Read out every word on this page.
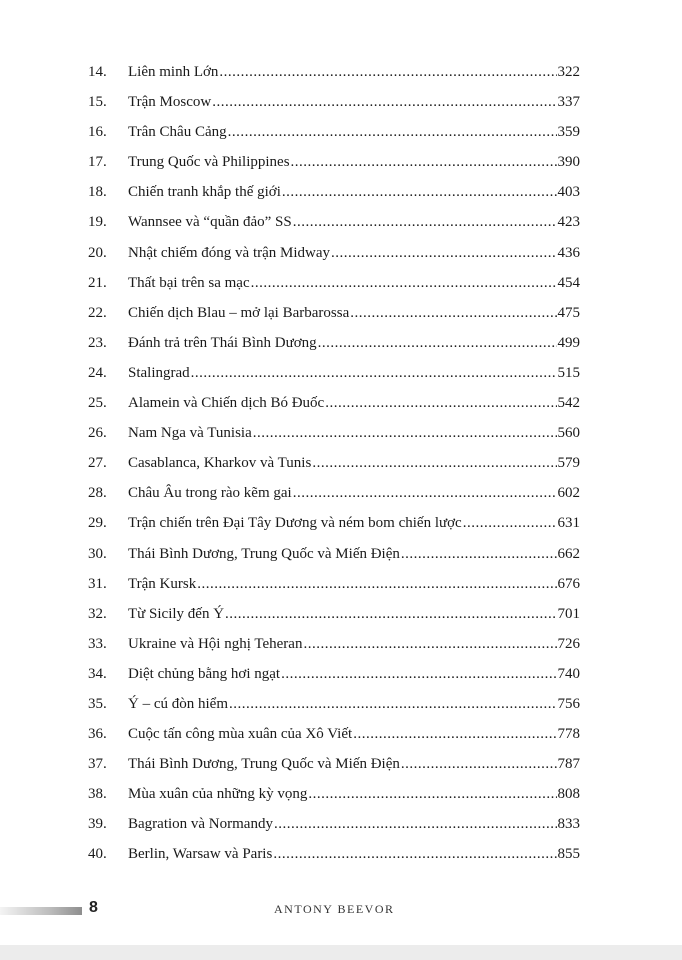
14.	Liên minh Lớn .....	322
15.	Trận Moscow .....	337
16.	Trân Châu Cảng .....	359
17.	Trung Quốc và Philippines .....	390
18.	Chiến tranh khắp thế giới .....	403
19.	Wannsee và “quần đảo” SS .....	423
20.	Nhật chiếm đóng và trận Midway .....	436
21.	Thất bại trên sa mạc .....	454
22.	Chiến dịch Blau – mở lại Barbarossa .....	475
23.	Đánh trả trên Thái Bình Dương .....	499
24.	Stalingrad .....	515
25.	Alamein và Chiến dịch Bó Đuốc .....	542
26.	Nam Nga và Tunisia .....	560
27.	Casablanca, Kharkov và Tunis .....	579
28.	Châu Âu trong rào kẽm gai .....	602
29.	Trận chiến trên Đại Tây Dương và ném bom chiến lược .....	631
30.	Thái Bình Dương, Trung Quốc và Miến Điện .....	662
31.	Trận Kursk .....	676
32.	Từ Sicily đến Ý .....	701
33.	Ukraine và Hội nghị Teheran .....	726
34.	Diệt chủng bằng hơi ngạt .....	740
35.	Ý – cú đòn hiểm .....	756
36.	Cuộc tấn công mùa xuân của Xô Viết .....	778
37.	Thái Bình Dương, Trung Quốc và Miến Điện .....	787
38.	Mùa xuân của những kỳ vọng .....	808
39.	Bagration và Normandy .....	833
40.	Berlin, Warsaw và Paris .....	855
8	ANTONY BEEVOR
